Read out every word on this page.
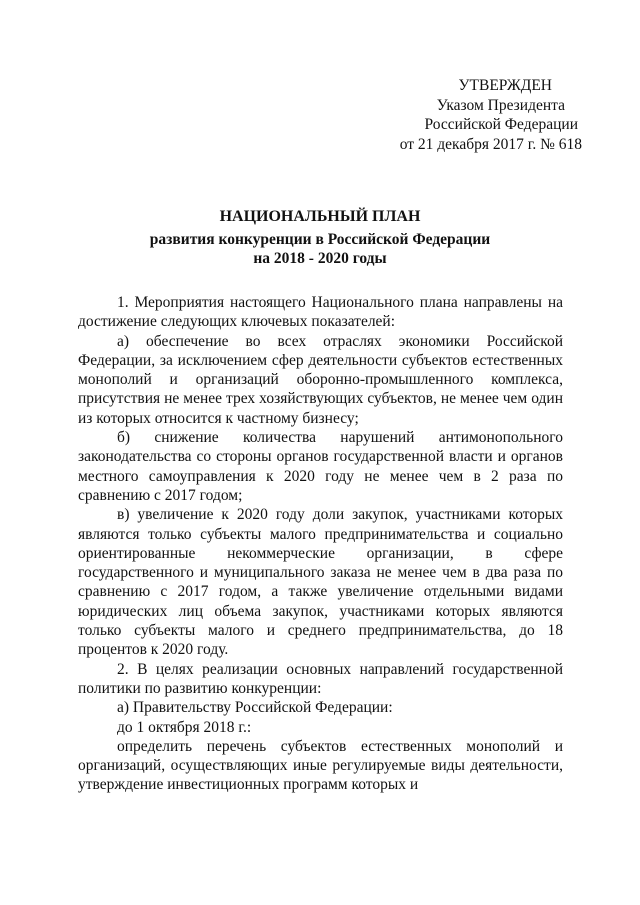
УТВЕРЖДЕН
Указом Президента
Российской Федерации
от 21 декабря 2017 г. № 618
НАЦИОНАЛЬНЫЙ ПЛАН
развития конкуренции в Российской Федерации
на 2018 - 2020 годы

1. Мероприятия настоящего Национального плана направлены на достижение следующих ключевых показателей:

а) обеспечение во всех отраслях экономики Российской Федерации, за исключением сфер деятельности субъектов естественных монополий и организаций оборонно-промышленного комплекса, присутствия не менее трех хозяйствующих субъектов, не менее чем один из которых относится к частному бизнесу;

б) снижение количества нарушений антимонопольного законодательства со стороны органов государственной власти и органов местного самоуправления к 2020 году не менее чем в 2 раза по сравнению с 2017 годом;

в) увеличение к 2020 году доли закупок, участниками которых являются только субъекты малого предпринимательства и социально ориентированные некоммерческие организации, в сфере государственного и муниципального заказа не менее чем в два раза по сравнению с 2017 годом, а также увеличение отдельными видами юридических лиц объема закупок, участниками которых являются только субъекты малого и среднего предпринимательства, до 18 процентов к 2020 году.

2. В целях реализации основных направлений государственной политики по развитию конкуренции:

а) Правительству Российской Федерации:

до 1 октября 2018 г.:

определить перечень субъектов естественных монополий и организаций, осуществляющих иные регулируемые виды деятельности, утверждение инвестиционных программ которых и
